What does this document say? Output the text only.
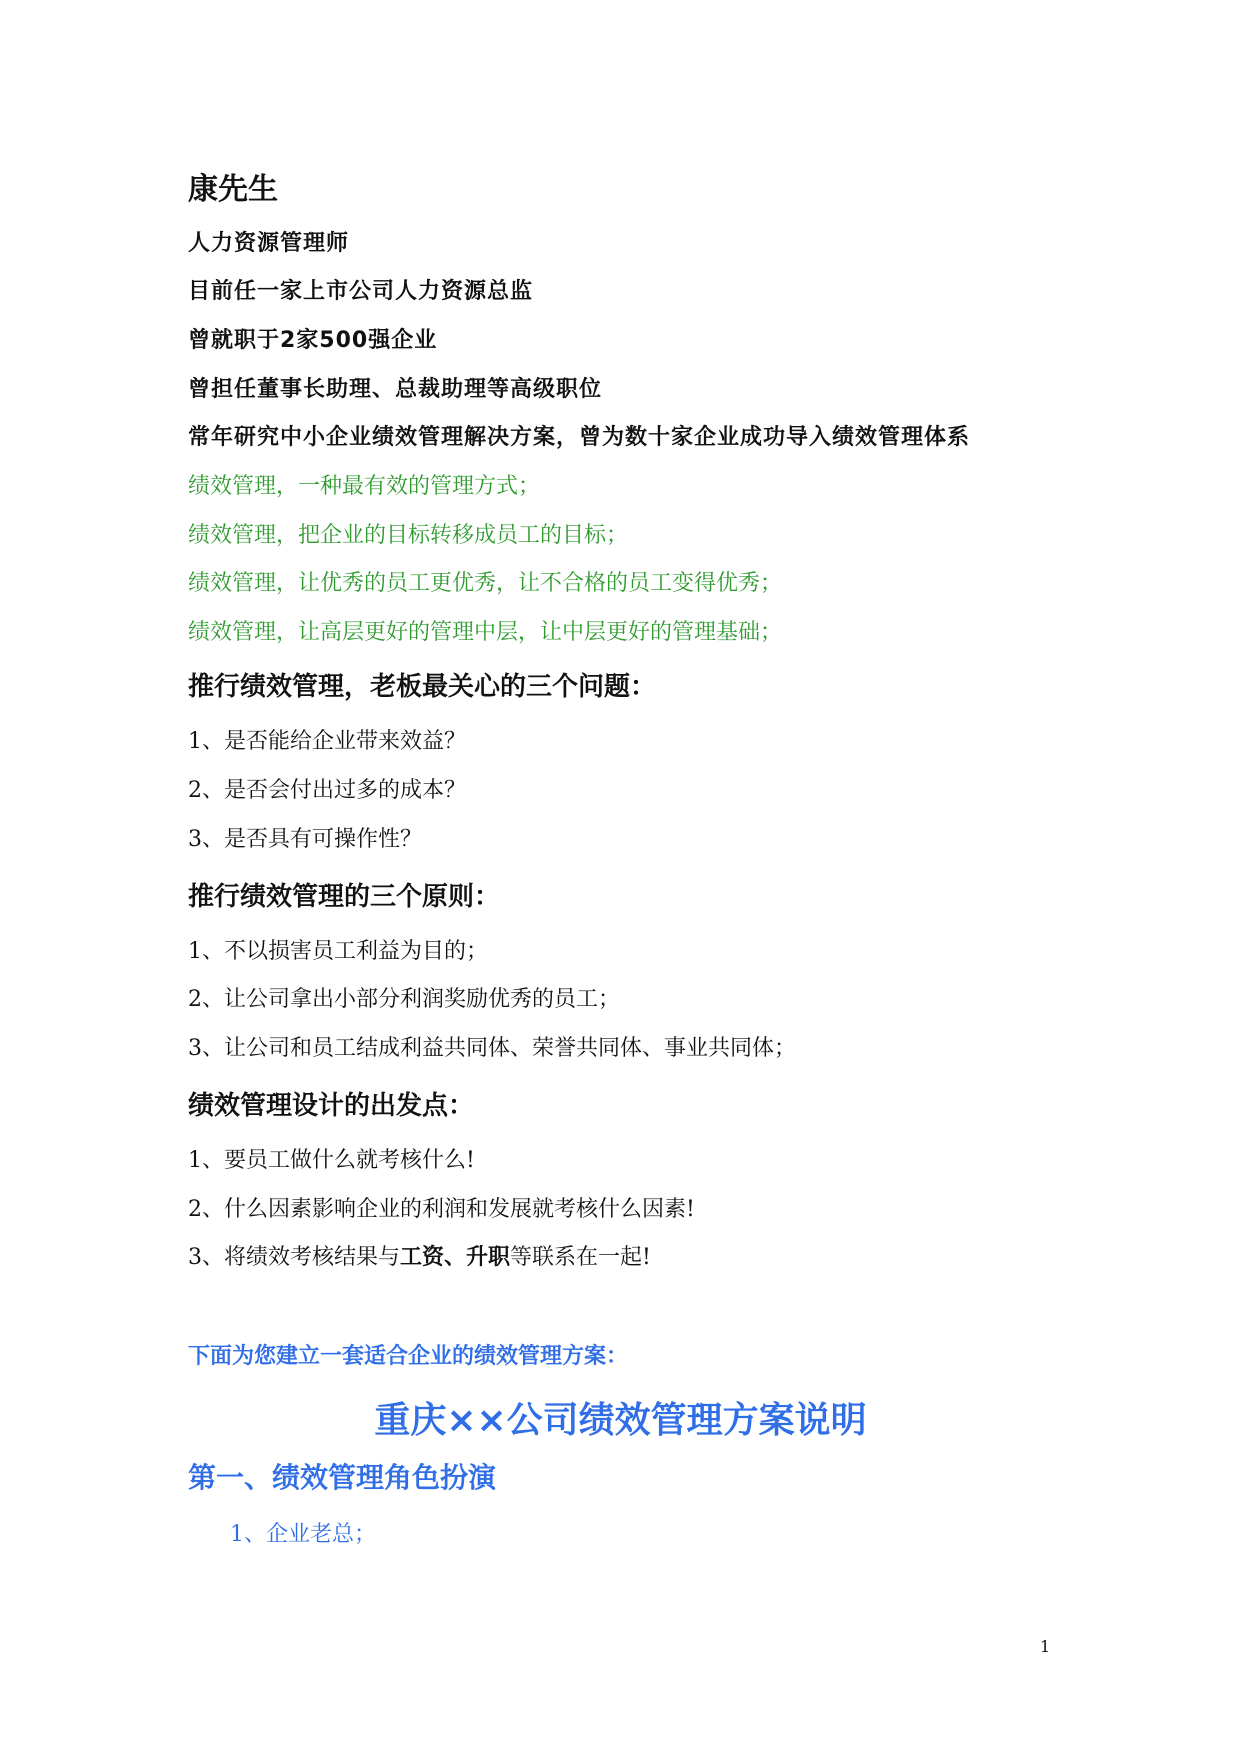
康先生
人力资源管理师
目前任一家上市公司人力资源总监
曾就职于2家500强企业
曾担任董事长助理、总裁助理等高级职位
常年研究中小企业绩效管理解决方案，曾为数十家企业成功导入绩效管理体系
绩效管理，一种最有效的管理方式；
绩效管理，把企业的目标转移成员工的目标；
绩效管理，让优秀的员工更优秀，让不合格的员工变得优秀；
绩效管理，让高层更好的管理中层，让中层更好的管理基础；
推行绩效管理，老板最关心的三个问题：
1、是否能给企业带来效益？
2、是否会付出过多的成本？
3、是否具有可操作性？
推行绩效管理的三个原则：
1、不以损害员工利益为目的；
2、让公司拿出小部分利润奖励优秀的员工；
3、让公司和员工结成利益共同体、荣誉共同体、事业共同体；
绩效管理设计的出发点：
1、要员工做什么就考核什么!
2、什么因素影响企业的利润和发展就考核什么因素!
3、将绩效考核结果与工资、升职等联系在一起!
下面为您建立一套适合企业的绩效管理方案：
重庆××公司绩效管理方案说明
第一、绩效管理角色扮演
1、企业老总；
1
